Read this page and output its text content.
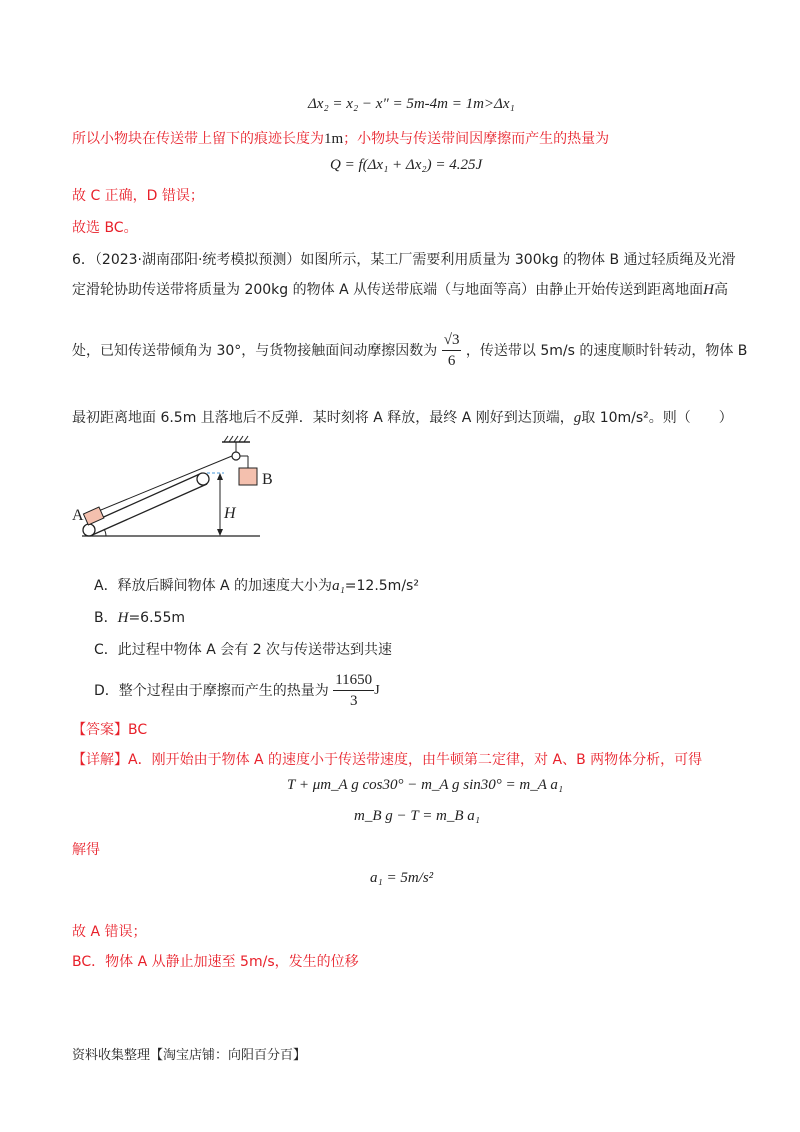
Δx₂ = x₂ − x″ = 5m-4m = 1m>Δx₁
所以小物块在传送带上留下的痕迹长度为1m；小物块与传送带间因摩擦而产生的热量为
Q = f(Δx₁ + Δx₂) = 4.25J
故 C 正确，D 错误；
故选 BC。
6．（2023·湖南邵阳·统考模拟预测）如图所示，某工厂需要利用质量为 300kg 的物体 B 通过轻质绳及光滑
定滑轮协助传送带将质量为 200kg 的物体 A 从传送带底端（与地面等高）由静止开始传送到距离地面H高
处，已知传送带倾角为 30°，与货物接触面间动摩擦因数为 $\frac{√3}{6}$ ，传送带以 5m/s 的速度顺时针转动，物体 B
最初距离地面 6.5m 且落地后不反弹．某时刻将 A 释放，最终 A 刚好到达顶端，g取 10m/s²。则（　　）
A
B
H
A．释放后瞬间物体 A 的加速度大小为a₁=12.5m/s²
B．H=6.55m
C．此过程中物体 A 会有 2 次与传送带达到共速
D．整个过程由于摩擦而产生的热量为 $\frac{11650}{3}$ J
【答案】BC
【详解】A．刚开始由于物体 A 的速度小于传送带速度，由牛顿第二定律，对 A、B 两物体分析，可得
T + μm_A g cos30° − m_A g sin30° = m_A a₁
m_B g − T = m_B a₁
解得
a₁ = 5m/s²
故 A 错误；
BC．物体 A 从静止加速至 5m/s，发生的位移
资料收集整理【淘宝店铺：向阳百分百】
